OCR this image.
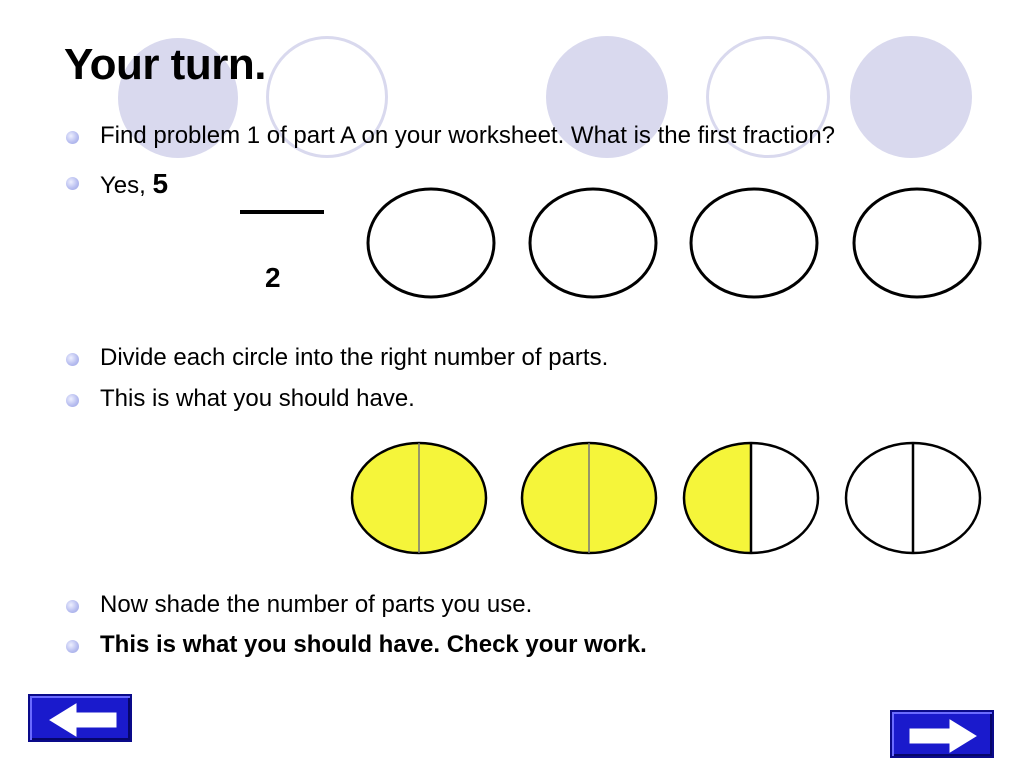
Your turn.
Find problem 1 of part A on your worksheet. What is the first fraction?
Yes, 5
2
Divide each circle into the right number of parts.
This is what you should have.
Now shade the number of parts you use.
This is what you should have. Check your work.
